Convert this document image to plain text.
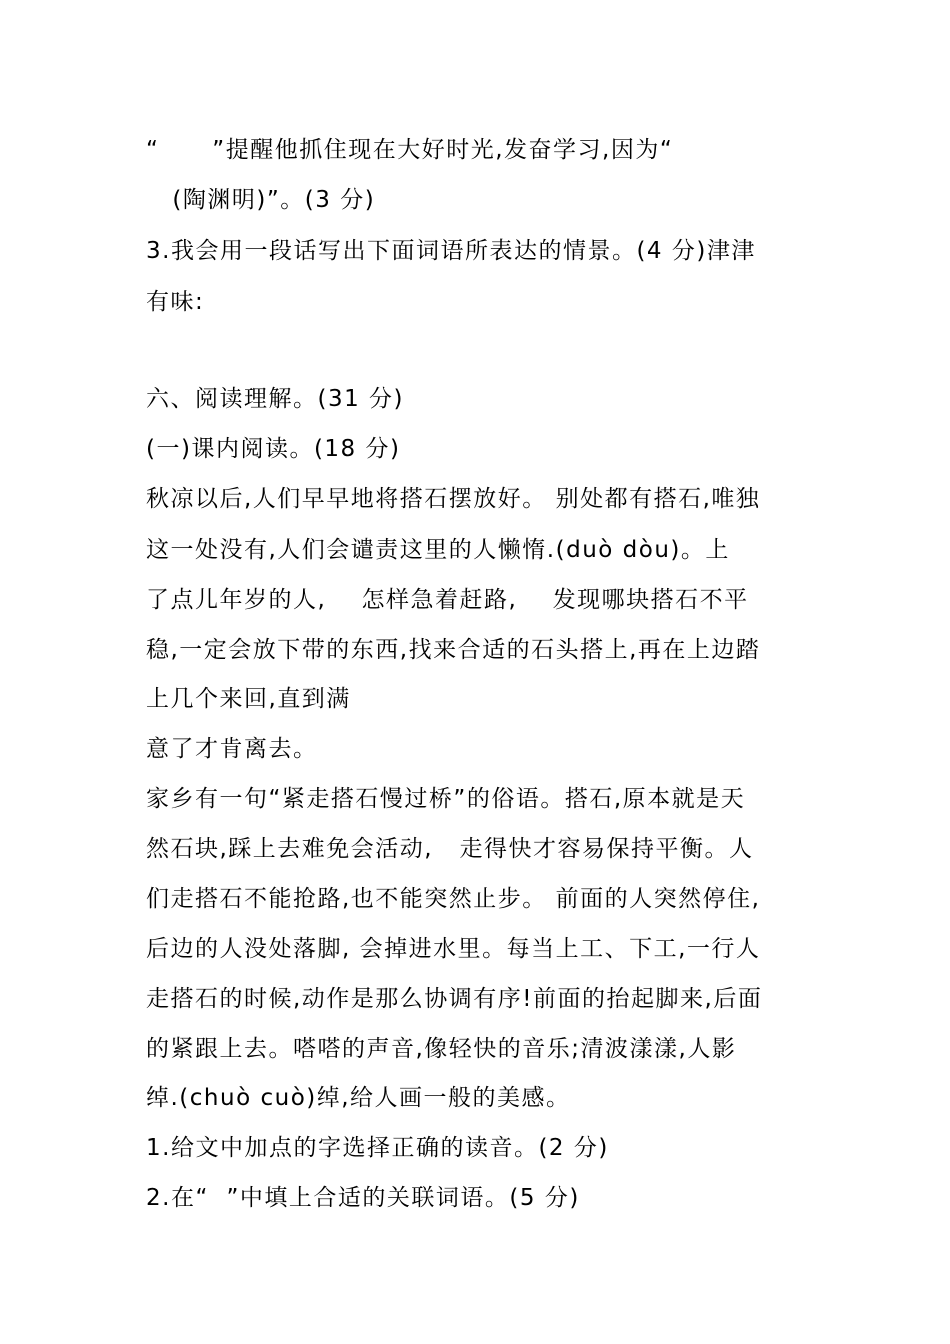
“      ”提醒他抓住现在大好时光,发奋学习,因为“
(陶渊明)”。(3 分)
3.我会用一段话写出下面词语所表达的情景。(4 分)津津
有味:
六、阅读理解。(31 分)
(一)课内阅读。(18 分)
秋凉以后,人们早早地将搭石摆放好。 别处都有搭石,唯独
这一处没有,人们会谴责这里的人懒惰.(duò dòu)。上
了点儿年岁的人,    怎样急着赶路,    发现哪块搭石不平
稳,一定会放下带的东西,找来合适的石头搭上,再在上边踏
上几个来回,直到满
意了才肯离去。
家乡有一句“紧走搭石慢过桥”的俗语。搭石,原本就是天
然石块,踩上去难免会活动,   走得快才容易保持平衡。人
们走搭石不能抢路,也不能突然止步。 前面的人突然停住,
后边的人没处落脚, 会掉进水里。每当上工、下工,一行人
走搭石的时候,动作是那么协调有序!前面的抬起脚来,后面
的紧跟上去。嗒嗒的声音,像轻快的音乐;清波漾漾,人影
绰.(chuò cuò)绰,给人画一般的美感。
1.给文中加点的字选择正确的读音。(2 分)
2.在“  ”中填上合适的关联词语。(5 分)
